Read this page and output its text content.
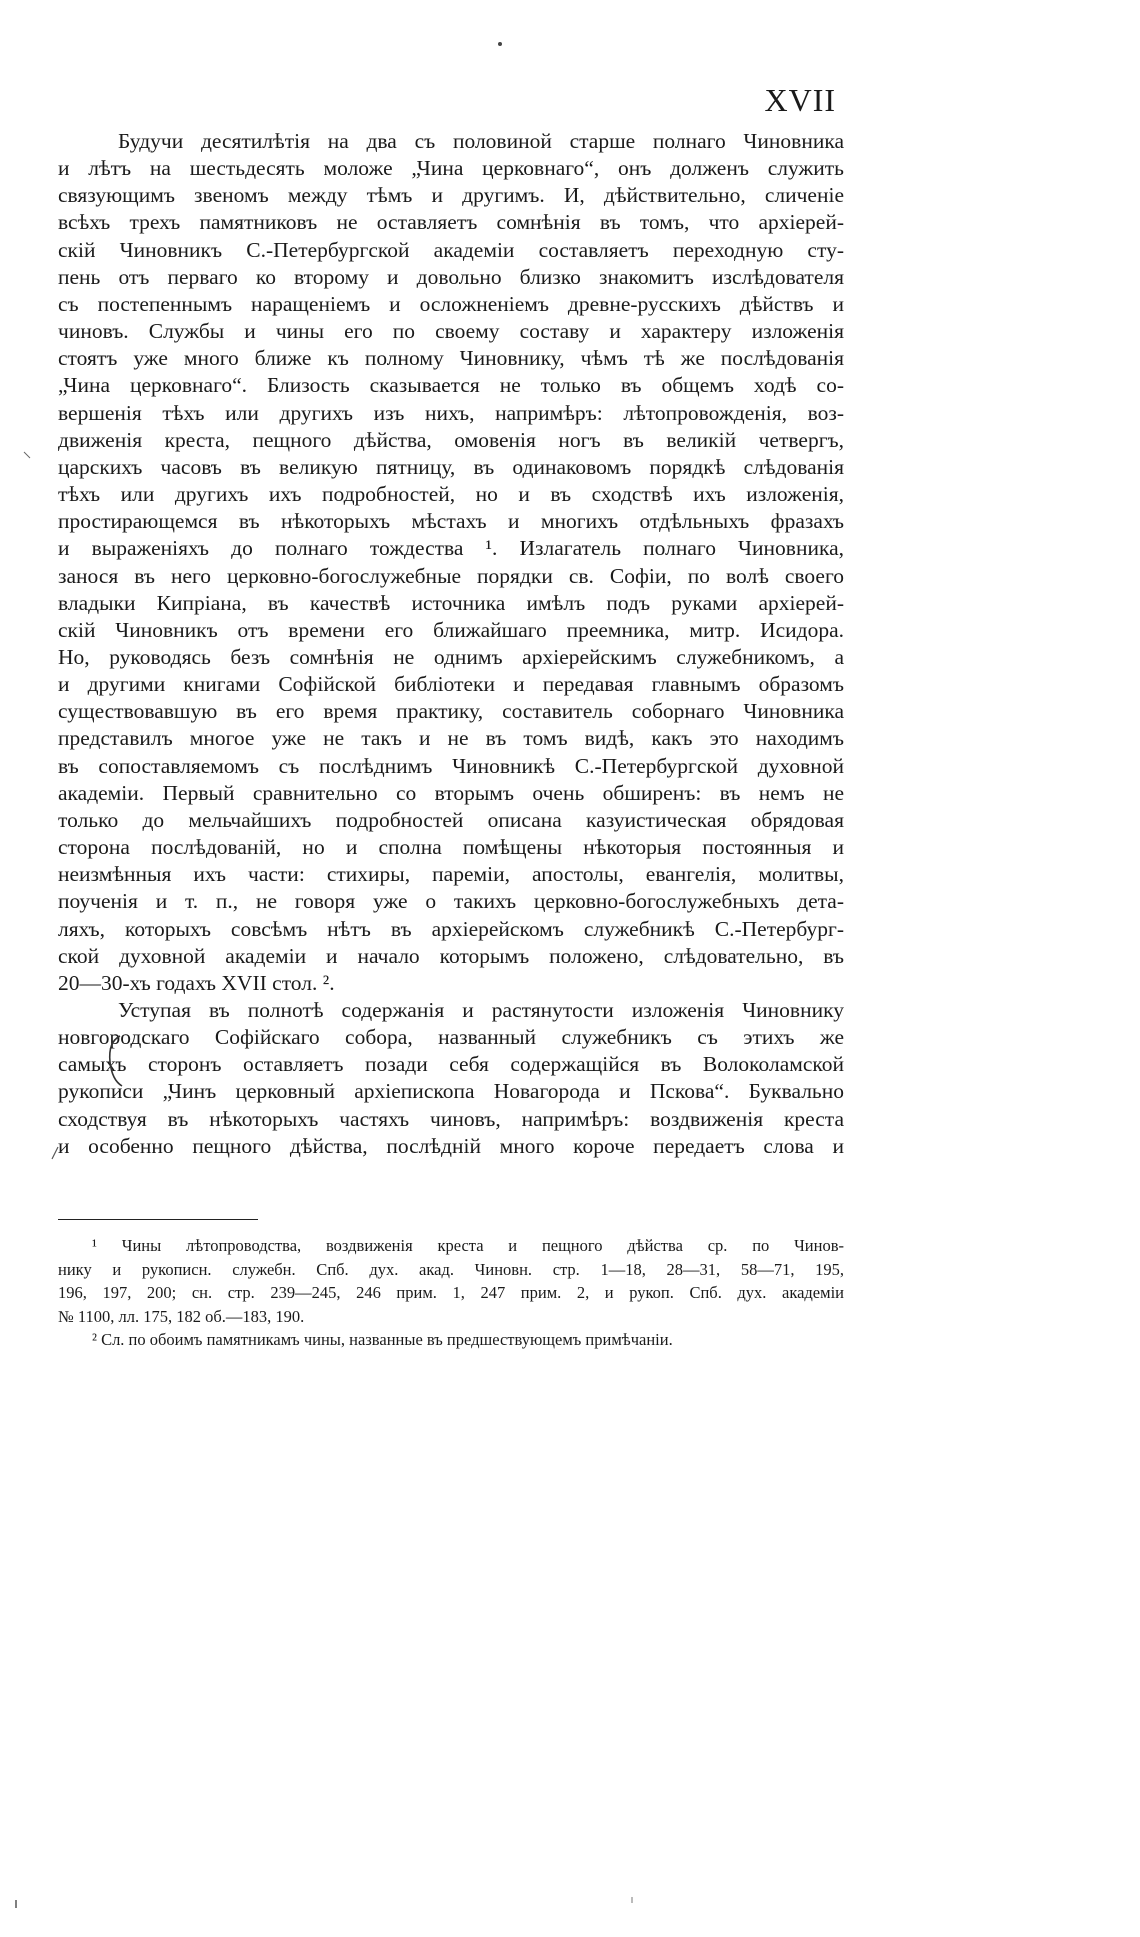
XVII

Будучи десятилѣтія на два съ половиной старше полнаго Чиновника
и лѣтъ на шестьдесять моложе „Чина церковнаго“, онъ долженъ служить
связующимъ звеномъ между тѣмъ и другимъ. И, дѣйствительно, сличеніе
всѣхъ трехъ памятниковъ не оставляетъ сомнѣнія въ томъ, что архіерей-
скій Чиновникъ С.-Петербургской академіи составляетъ переходную сту-
пень отъ перваго ко второму и довольно близко знакомитъ изслѣдователя
съ постепеннымъ наращеніемъ и осложненіемъ древне-русскихъ дѣйствъ и
чиновъ. Службы и чины его по своему составу и характеру изложенія
стоятъ уже много ближе къ полному Чиновнику, чѣмъ тѣ же послѣдованія
„Чина церковнаго“. Близость сказывается не только въ общемъ ходѣ со-
вершенія тѣхъ или другихъ изъ нихъ, напримѣръ: лѣтопровожденія, воз-
движенія креста, пещного дѣйства, омовенія ногъ въ великій четвергъ,
царскихъ часовъ въ великую пятницу, въ одинаковомъ порядкѣ слѣдованія
тѣхъ или другихъ ихъ подробностей, но и въ сходствѣ ихъ изложенія,
простирающемся въ нѣкоторыхъ мѣстахъ и многихъ отдѣльныхъ фразахъ
и выраженіяхъ до полнаго тождества ¹. Излагатель полнаго Чиновника,
занося въ него церковно-богослужебные порядки св. Софіи, по волѣ своего
владыки Кипріана, въ качествѣ источника имѣлъ подъ руками архіерей-
скій Чиновникъ отъ времени его ближайшаго преемника, митр. Исидора.
Но, руководясь безъ сомнѣнія не однимъ архіерейскимъ служебникомъ, а
и другими книгами Софійской библіотеки и передавая главнымъ образомъ
существовавшую въ его время практику, составитель соборнаго Чиновника
представилъ многое уже не такъ и не въ томъ видѣ, какъ это находимъ
въ сопоставляемомъ съ послѣднимъ Чиновникѣ С.-Петербургской духовной
академіи. Первый сравнительно со вторымъ очень обширенъ: въ немъ не
только до мельчайшихъ подробностей описана казуистическая обрядовая
сторона послѣдованій, но и сполна помѣщены нѣкоторыя постоянныя и
неизмѣнныя ихъ части: стихиры, пареміи, апостолы, евангелія, молитвы,
поученія и т. п., не говоря уже о такихъ церковно-богослужебныхъ дета-
ляхъ, которыхъ совсѣмъ нѣтъ въ архіерейскомъ служебникѣ С.-Петербург-
ской духовной академіи и начало которымъ положено, слѣдовательно, въ
20—30-хъ годахъ XVII стол. ².

Уступая въ полнотѣ содержанія и растянутости изложенія Чиновнику
новгородскаго Софійскаго собора, названный служебникъ съ этихъ же
самыхъ сторонъ оставляетъ позади себя содержащійся въ Волоколамской
рукописи „Чинъ церковный архіепископа Новагорода и Пскова“. Буквально
сходствуя въ нѣкоторыхъ частяхъ чиновъ, напримѣръ: воздвиженія креста
и особенно пещного дѣйства, послѣдній много короче передаетъ слова и

¹ Чины лѣтопроводства, воздвиженія креста и пещного дѣйства ср. по Чинов-
нику и рукописн. служебн. Спб. дух. акад. Чиновн. стр. 1—18, 28—31, 58—71, 195,
196, 197, 200; сн. стр. 239—245, 246 прим. 1, 247 прим. 2, и рукоп. Спб. дух. академіи
№ 1100, лл. 175, 182 об.—183, 190.

² Сл. по обоимъ памятникамъ чины, названные въ предшествующемъ примѣчаніи.
